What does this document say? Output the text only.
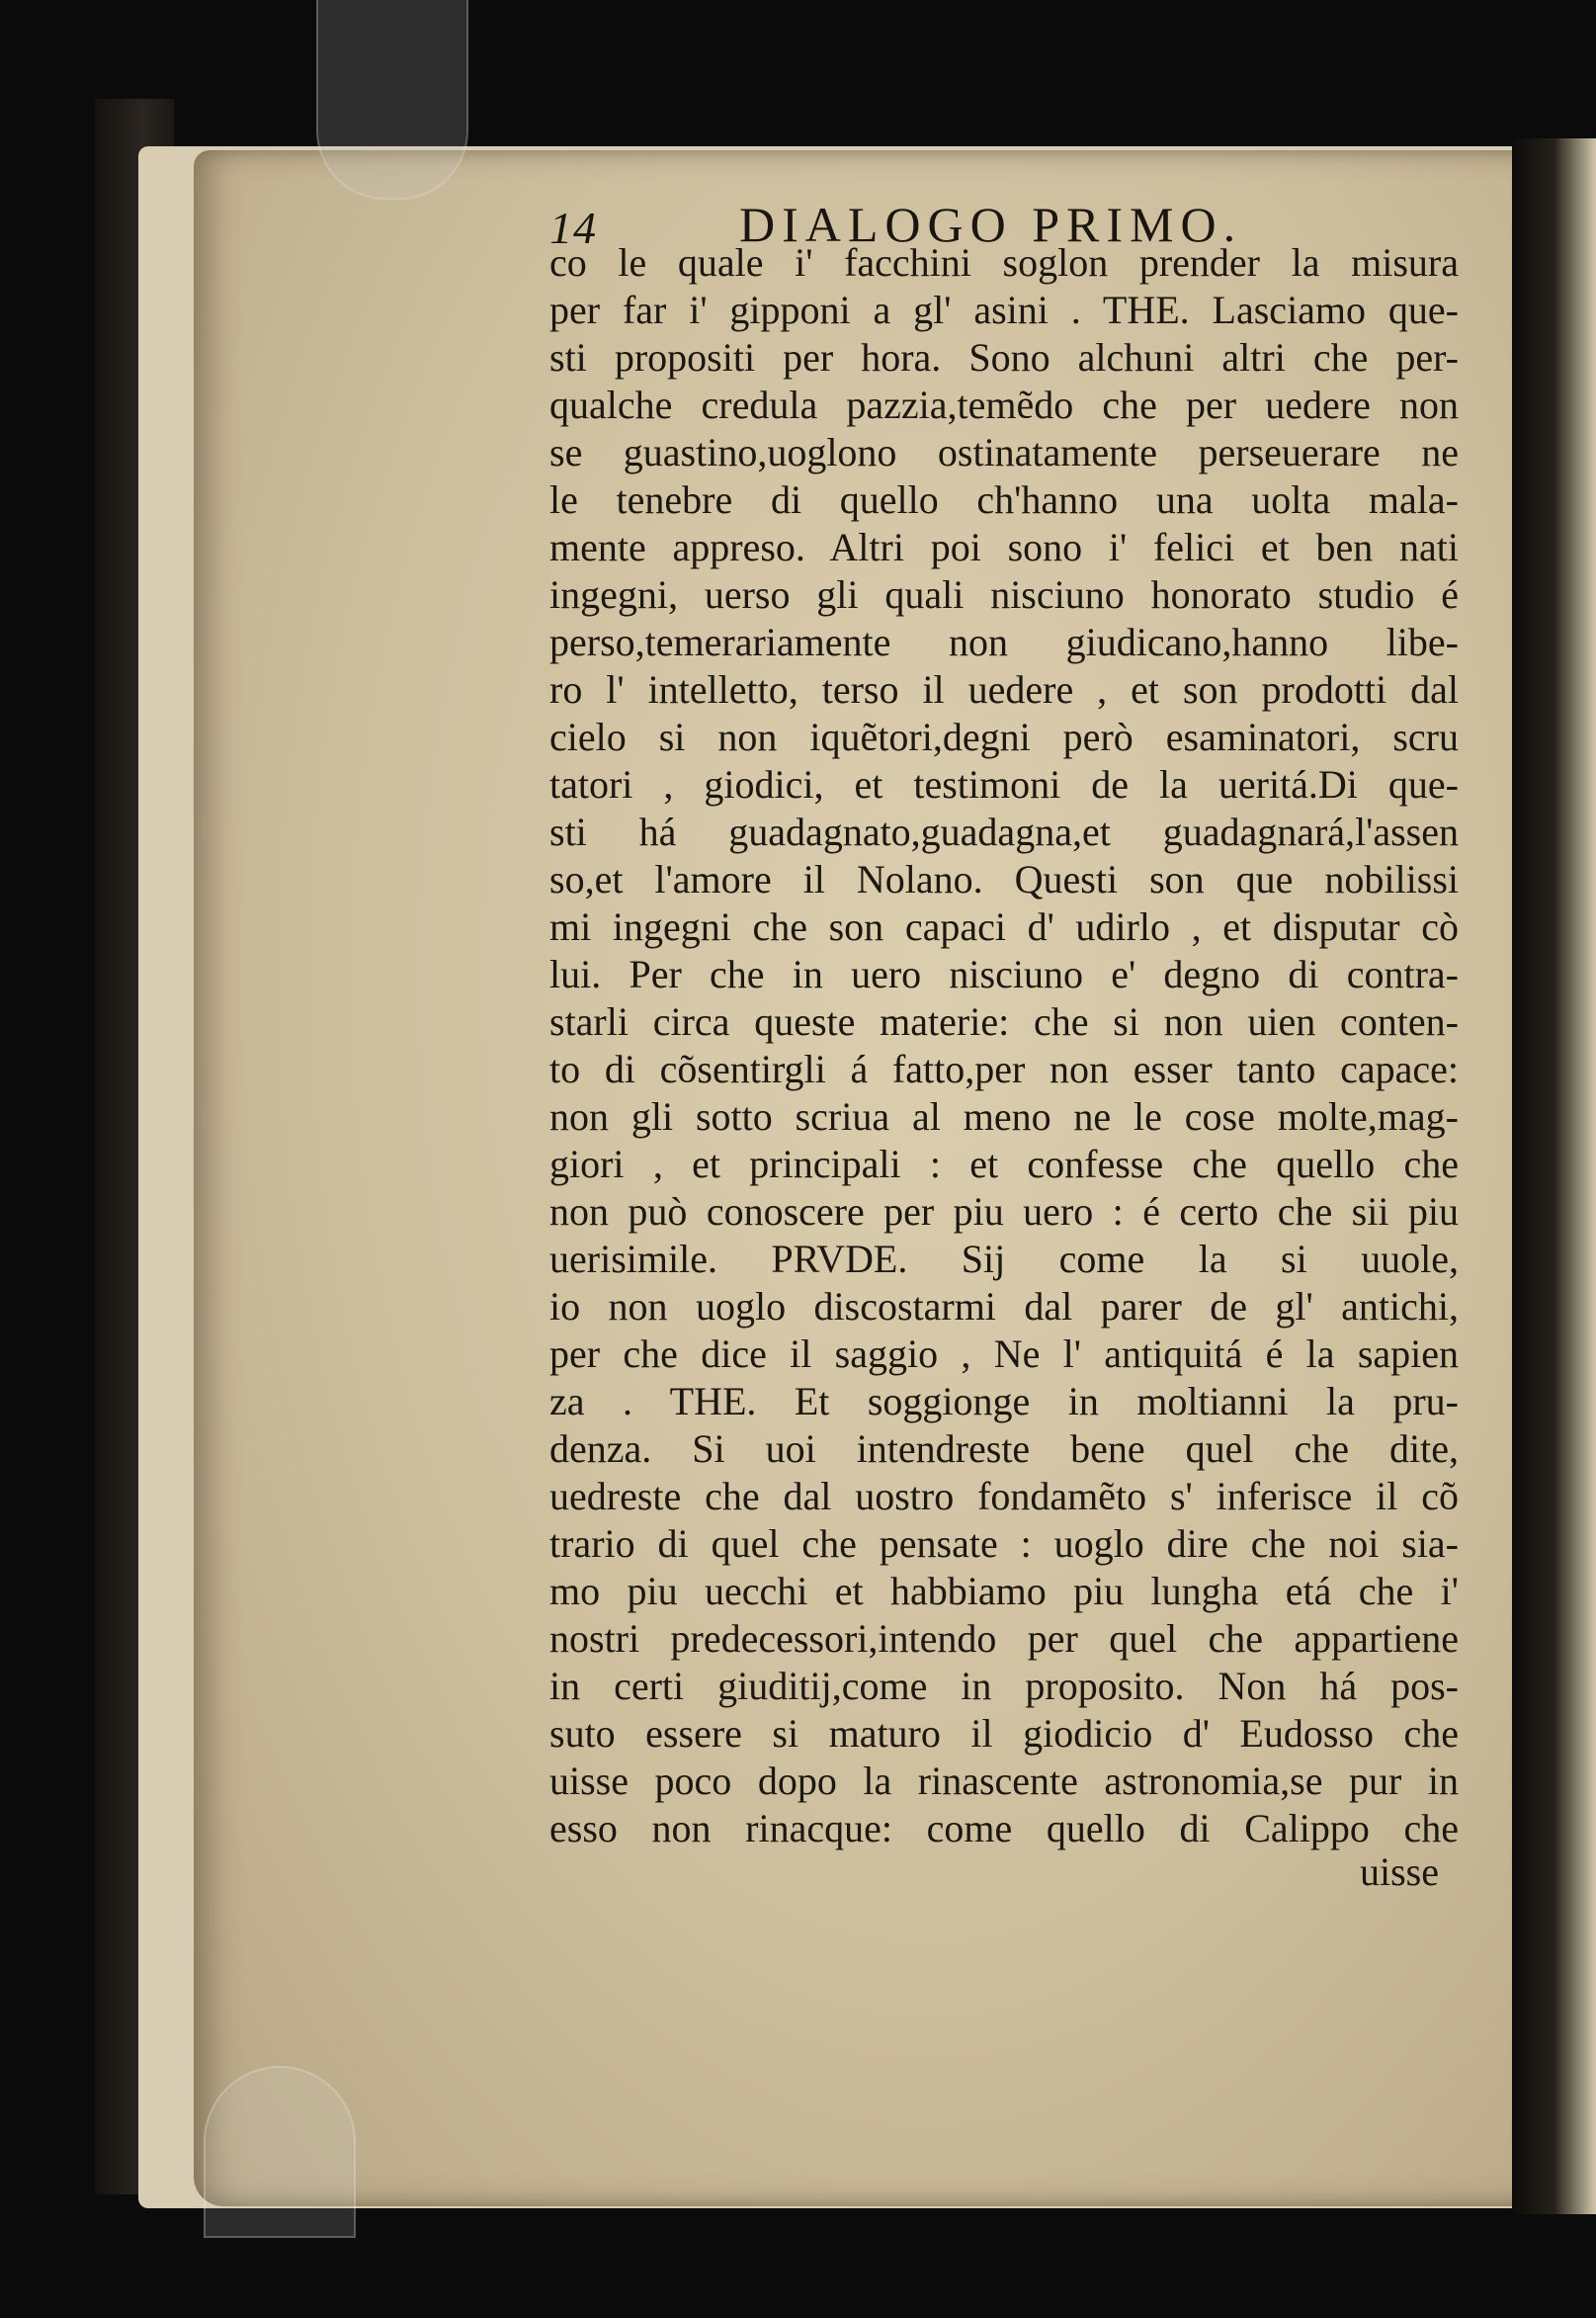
14	DIALOGO PRIMO.
co le quale i' facchini soglon prender la misura
per far i' gipponi a gl' asini . THE. Lasciamo que-
sti propositi per hora. Sono alchuni altri che per-
qualche credula pazzia,temẽdo che per uedere non
se guastino,uoglono ostinatamente perseuerare ne
le tenebre di quello ch'hanno una uolta mala-
mente appreso. Altri poi sono i' felici et ben nati
ingegni, uerso gli quali nisciuno honorato studio é
perso,temerariamente non giudicano,hanno libe-
ro l' intelletto, terso il uedere , et son prodotti dal
cielo si non iquẽtori,degni però esaminatori, scru
tatori , giodici, et testimoni de la ueritá.Di que-
sti há guadagnato,guadagna,et guadagnará,l'assen
so,et l'amore il Nolano. Questi son que nobilissi
mi ingegni che son capaci d' udirlo , et disputar cò
lui. Per che in uero nisciuno e' degno di contra-
starli circa queste materie: che si non uien conten-
to di cõsentirgli á fatto,per non esser tanto capace:
non gli sotto scriua al meno ne le cose molte,mag-
giori , et principali : et confesse che quello che
non può conoscere per piu uero : é certo che sii piu
uerisimile. PRVDE. Sij come la si uuole,
io non uoglo discostarmi dal parer de gl' antichi,
per che dice il saggio , Ne l' antiquitá é la sapien
za . THE. Et soggionge in moltianni la pru-
denza. Si uoi intendreste bene quel che dite,
uedreste che dal uostro fondamẽto s' inferisce il cõ
trario di quel che pensate : uoglo dire che noi sia-
mo piu uecchi et habbiamo piu lungha etá che i'
nostri predecessori,intendo per quel che appartiene
in certi giuditij,come in proposito. Non há pos-
suto essere si maturo il giodicio d' Eudosso che
uisse poco dopo la rinascente astronomia,se pur in
esso non rinacque: come quello di Calippo che
uisse
